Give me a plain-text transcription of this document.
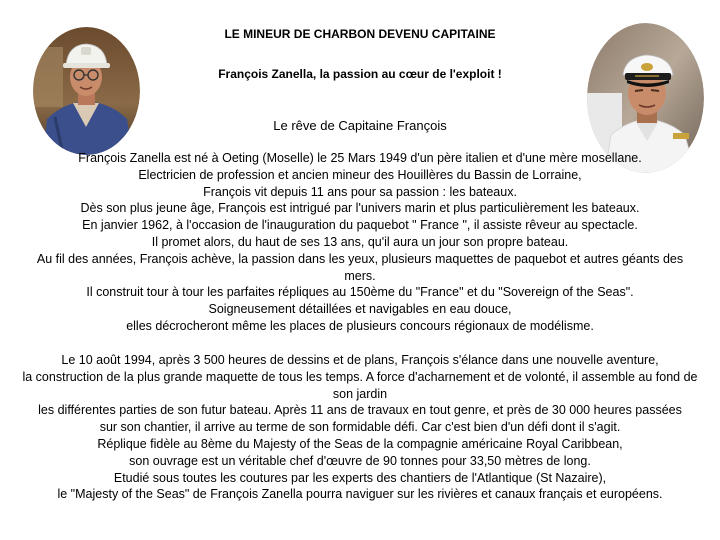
LE MINEUR DE CHARBON DEVENU CAPITAINE
François Zanella, la passion au cœur de l'exploit !
Le rêve de Capitaine François
François Zanella est né à Oeting (Moselle) le 25 Mars 1949 d'un père italien et d'une mère mosellane.
Electricien de profession et ancien mineur des Houillères du Bassin de Lorraine,
François vit depuis 11 ans pour sa passion : les bateaux.
Dès son plus jeune âge, François est intrigué par l'univers marin et plus particulièrement les bateaux.
En janvier 1962, à l'occasion de l'inauguration du paquebot " France ", il assiste rêveur au spectacle.
Il promet alors, du haut de ses 13 ans, qu'il aura un jour son propre bateau.
Au fil des années, François achève, la passion dans les yeux, plusieurs maquettes de paquebot et autres géants des mers.
Il construit tour à tour les parfaites répliques au 150ème du "France" et du "Sovereign of the Seas".
Soigneusement détaillées et navigables en eau douce,
elles décrocheront même les places de plusieurs concours régionaux de modélisme.
Le 10 août 1994, après 3 500 heures de dessins et de plans, François s'élance dans une nouvelle aventure,
la construction de la plus grande maquette de tous les temps. A force d'acharnement et de volonté, il assemble au fond de son jardin
les différentes parties de son futur bateau. Après 11 ans de travaux en tout genre, et près de 30 000 heures passées
sur son chantier, il arrive au terme de son formidable défi. Car c'est bien d'un défi dont il s'agit.
Réplique fidèle au 8ème du Majesty of the Seas de la compagnie américaine Royal Caribbean,
son ouvrage est un véritable chef d'œuvre de 90 tonnes pour 33,50 mètres de long.
Etudié sous toutes les coutures par les experts des chantiers de l'Atlantique (St Nazaire),
le "Majesty of the Seas" de François Zanella pourra naviguer sur les rivières et canaux français et européens.
